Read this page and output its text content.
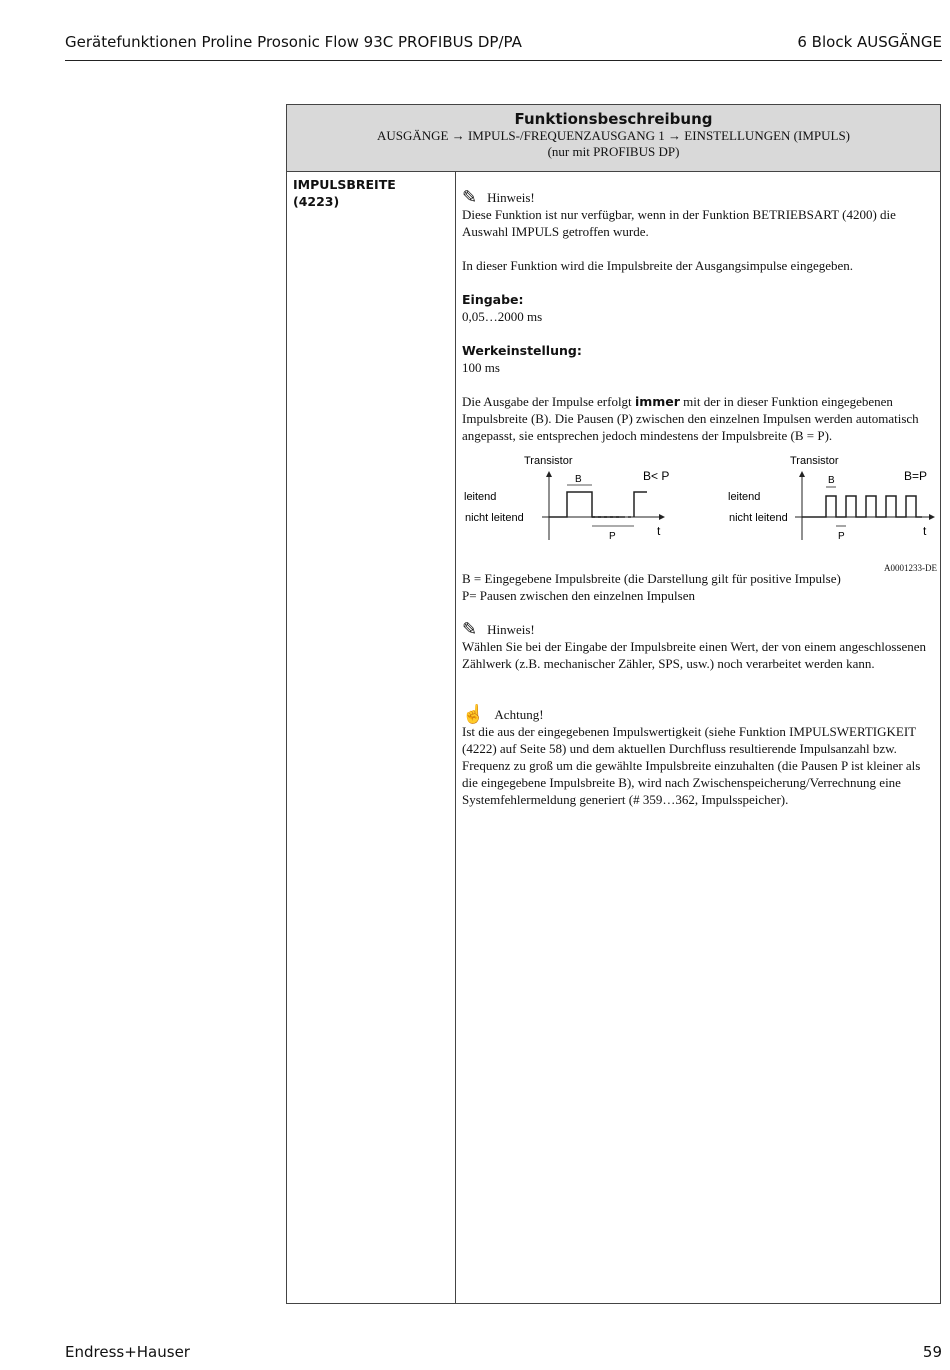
Gerätefunktionen Proline Prosonic Flow 93C PROFIBUS DP/PA	6 Block AUSGÄNGE
Funktionsbeschreibung
AUSGÄNGE → IMPULS-/FREQUENZAUSGANG 1 → EINSTELLUNGEN (IMPULS)
(nur mit PROFIBUS DP)
IMPULSBREITE
(4223)	✎ Hinweis!

Diese Funktion ist nur verfügbar, wenn in der Funktion BETRIEBSART (4200) die Auswahl IMPULS getroffen wurde.

In dieser Funktion wird die Impulsbreite der Ausgangsimpulse eingegeben.

Eingabe:

0,05…2000 ms

Werkeinstellung:

100 ms

Die Ausgabe der Impulse erfolgt immer mit der in dieser Funktion eingegebenen Impulsbreite (B). Die Pausen (P) zwischen den einzelnen Impulsen werden automatisch angepasst, sie entsprechen jedoch mindestens der Impulsbreite (B = P).

Transistor
leitend
nicht leitend
B
P
B< P
t
Transistor
leitend
nicht leitend
B
P
B=P
t
A0001233-DE

B = Eingegebene Impulsbreite (die Darstellung gilt für positive Impulse)

P= Pausen zwischen den einzelnen Impulsen

✎ Hinweis!

Wählen Sie bei der Eingabe der Impulsbreite einen Wert, der von einem angeschlossenen Zählwerk (z.B. mechanischer Zähler, SPS, usw.) noch verarbeitet werden kann.

☝ Achtung!

Ist die aus der eingegebenen Impulswertigkeit (siehe Funktion IMPULSWERTIGKEIT (4222) auf Seite 58) und dem aktuellen Durchfluss resultierende Impulsanzahl bzw. Frequenz zu groß um die gewählte Impulsbreite einzuhalten (die Pausen P ist kleiner als die eingegebene Impulsbreite B), wird nach Zwischenspeicherung/Verrechnung eine Systemfehlermeldung generiert (# 359…362, Impulsspeicher).

Endress+Hauser	59
